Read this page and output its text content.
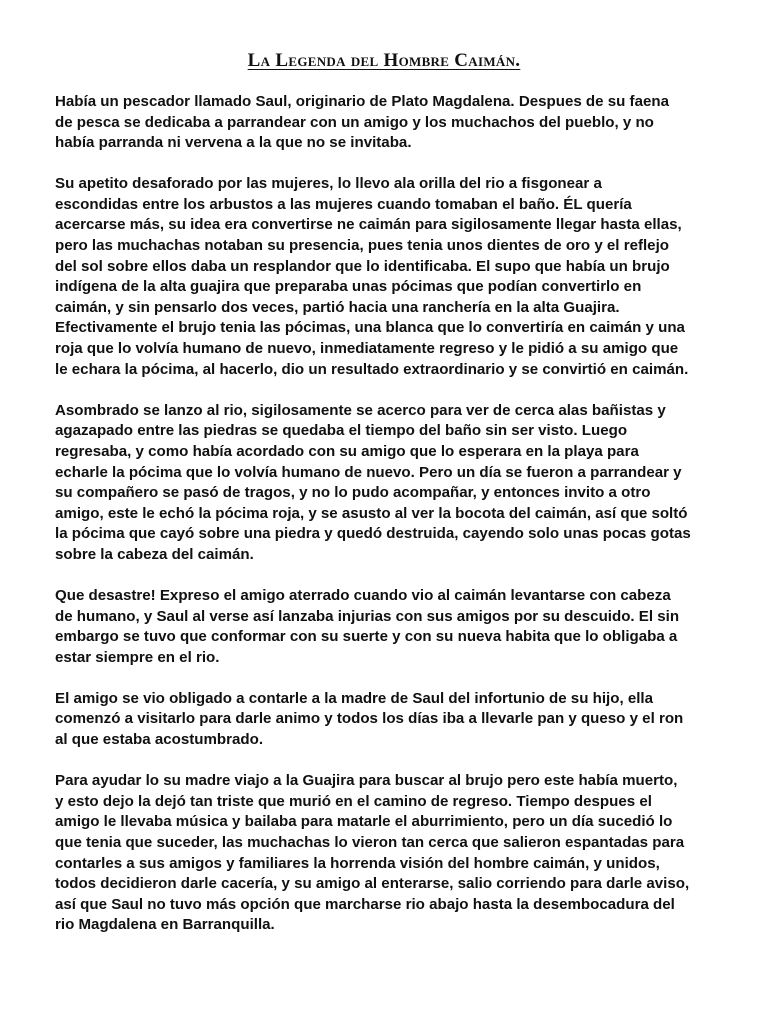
La Legenda del Hombre Caimán.
Había un pescador llamado Saul, originario de Plato Magdalena. Despues de su faena
de pesca se dedicaba a parrandear con un amigo y los muchachos del pueblo, y no
había parranda ni vervena a la que no se invitaba.
Su apetito desaforado por las mujeres, lo llevo ala orilla del rio a fisgonear a
escondidas entre los arbustos a las mujeres cuando tomaban el baño. ÉL quería
acercarse más, su idea era convertirse ne caimán para sigilosamente llegar hasta ellas,
pero las muchachas notaban su presencia, pues tenia unos dientes de oro y el reflejo
del sol sobre ellos daba un resplandor que lo identificaba. El supo que había un brujo
indígena de la alta guajira que preparaba unas pócimas que podían convertirlo en
caimán, y sin pensarlo dos veces, partió hacia una ranchería en la alta Guajira.
Efectivamente el brujo tenia las pócimas, una blanca que lo convertiría en caimán y una
roja que lo volvía humano de nuevo, inmediatamente regreso y le pidió a su amigo que
le echara la pócima, al hacerlo, dio un resultado extraordinario y se convirtió en caimán.
Asombrado se lanzo al rio, sigilosamente se acerco para ver de cerca alas bañistas y
agazapado entre las piedras se quedaba el tiempo del baño sin ser visto. Luego
regresaba, y como había acordado con su amigo que lo esperara en la playa para
echarle la pócima que lo volvía humano de nuevo. Pero un día se fueron a parrandear y
su compañero se pasó de tragos, y no lo pudo acompañar, y entonces invito a otro
amigo, este le echó la pócima roja, y se asusto al ver la bocota del caimán, así que soltó
la pócima que cayó sobre una piedra y quedó destruida, cayendo solo unas pocas gotas
sobre la cabeza del caimán.
Que desastre! Expreso el amigo aterrado cuando vio al caimán levantarse con cabeza
de humano, y Saul al verse así lanzaba injurias con sus amigos por su descuido. El sin
embargo se tuvo que conformar con su suerte y con su nueva habita que lo obligaba a
estar siempre en el rio.
El amigo se vio obligado a contarle a la madre de Saul del infortunio de su hijo, ella
comenzó a visitarlo para darle animo y todos los días iba a llevarle pan y queso y el ron
al que estaba acostumbrado.
Para ayudar lo su madre viajo a la Guajira para buscar al brujo pero este había muerto,
y esto dejo la dejó tan triste que murió en el camino de regreso. Tiempo despues el
amigo le llevaba música y bailaba para matarle el aburrimiento, pero un día sucedió lo
que tenia que suceder, las muchachas lo vieron tan cerca que salieron espantadas para
contarles a sus amigos y familiares la horrenda visión del hombre caimán, y unidos,
todos decidieron darle cacería, y su amigo al enterarse, salio corriendo para darle aviso,
así que Saul no tuvo más opción que marcharse rio abajo hasta la desembocadura del
rio Magdalena en Barranquilla.
